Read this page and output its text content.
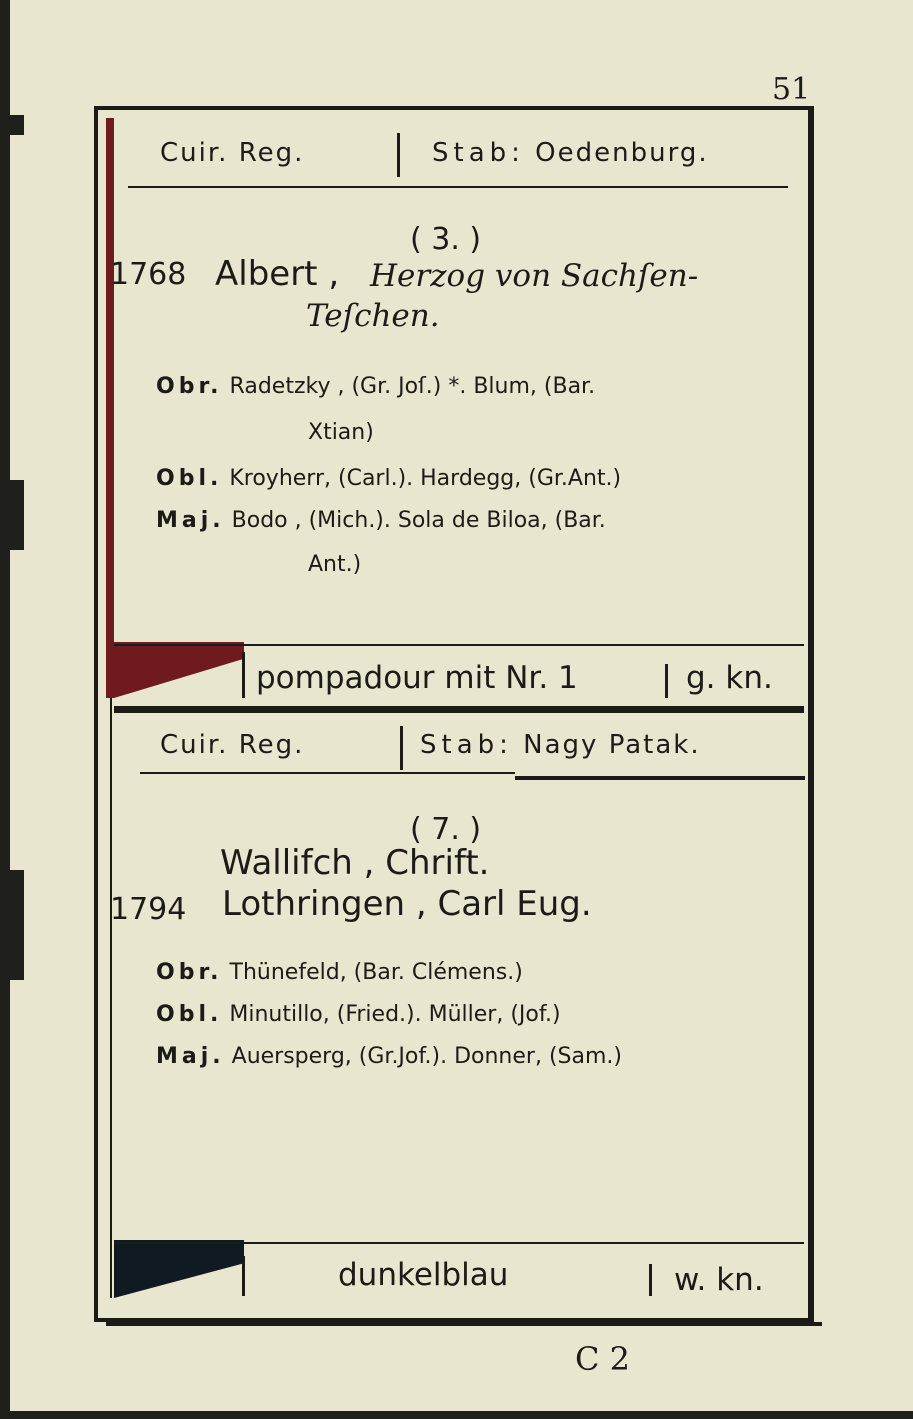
51
Cuir. Reg.	Stab: Oedenburg.
( 3. )
1768 Albert , Herzog von Sachſen-
Teſchen.
Obr. Radetzky , (Gr. Joſ.) *. Blum, (Bar.
Xtian)
Obl. Kroyherr, (Carl.). Hardegg, (Gr.Ant.)
Maj. Bodo , (Mich.). Sola de Biloa, (Bar.
Ant.)
pompadour mit Nr. 1	g. kn.
Cuir. Reg.	Stab: Nagy Patak.
( 7. )
Wallifch , Chrift.
1794 Lothringen , Carl Eug.
Obr. Thünefeld, (Bar. Clémens.)
Obl. Minutillo, (Fried.). Müller, (Jof.)
Maj. Auersperg, (Gr.Jof.). Donner, (Sam.)
dunkelblau	w. kn.
C 2
